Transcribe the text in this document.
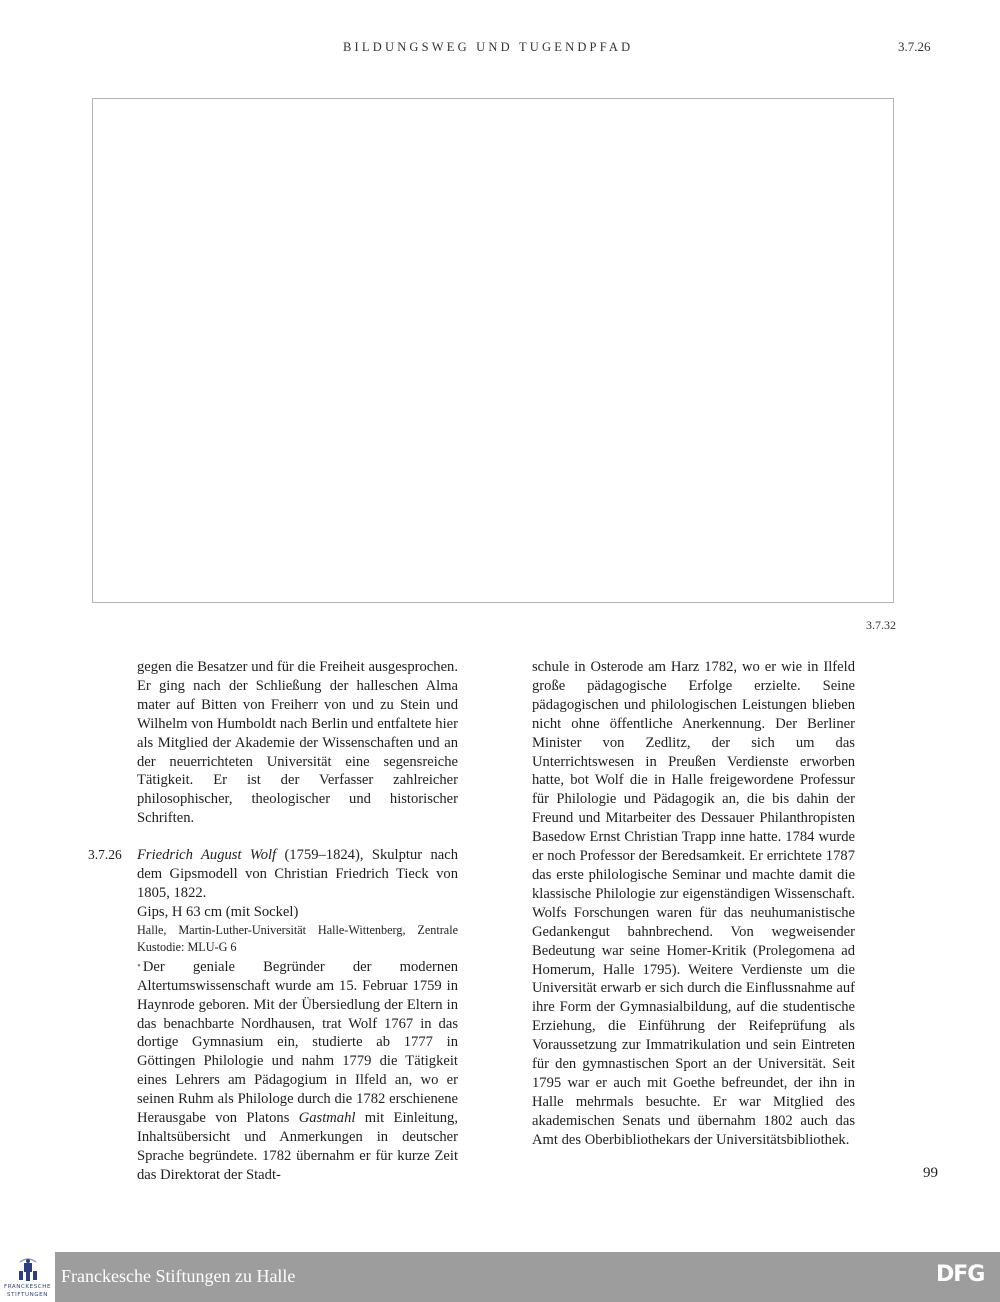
BILDUNGSWEG UND TUGENDPFAD	3.7.26
3.7.32

gegen die Besatzer und für die Freiheit ausgesprochen. Er ging nach der Schließung der halleschen Alma mater auf Bitten von Freiherr von und zu Stein und Wilhelm von Humboldt nach Berlin und entfaltete hier als Mitglied der Akademie der Wissenschaften und an der neuerrichteten Universität eine segensreiche Tätigkeit. Er ist der Verfasser zahlreicher philosophischer, theologischer und historischer Schriften.

3.7.26 Friedrich August Wolf (1759–1824), Skulptur nach dem Gipsmodell von Christian Friedrich Tieck von 1805, 1822.

Gips, H 63 cm (mit Sockel)

Halle, Martin-Luther-Universität Halle-Wittenberg, Zentrale Kustodie: MLU-G 6

• Der geniale Begründer der modernen Altertumswissenschaft wurde am 15. Februar 1759 in Haynrode geboren. Mit der Übersiedlung der Eltern in das benachbarte Nordhausen, trat Wolf 1767 in das dortige Gymnasium ein, studierte ab 1777 in Göttingen Philologie und nahm 1779 die Tätigkeit eines Lehrers am Pädagogium in Ilfeld an, wo er seinen Ruhm als Philologe durch die 1782 erschienene Herausgabe von Platons Gastmahl mit Einleitung, Inhaltsübersicht und Anmerkungen in deutscher Sprache begründete. 1782 übernahm er für kurze Zeit das Direktorat der Stadt-

schule in Osterode am Harz 1782, wo er wie in Ilfeld große pädagogische Erfolge erzielte. Seine pädagogischen und philologischen Leistungen blieben nicht ohne öffentliche Anerkennung. Der Berliner Minister von Zedlitz, der sich um das Unterrichtswesen in Preußen Verdienste erworben hatte, bot Wolf die in Halle freigewordene Professur für Philologie und Pädagogik an, die bis dahin der Freund und Mitarbeiter des Dessauer Philanthropisten Basedow Ernst Christian Trapp inne hatte. 1784 wurde er noch Professor der Beredsamkeit. Er errichtete 1787 das erste philologische Seminar und machte damit die klassische Philologie zur eigenständigen Wissenschaft. Wolfs Forschungen waren für das neuhumanistische Gedankengut bahnbrechend. Von wegweisender Bedeutung war seine Homer-Kritik (Prolegomena ad Homerum, Halle 1795). Weitere Verdienste um die Universität erwarb er sich durch die Einflussnahme auf ihre Form der Gymnasialbildung, auf die studentische Erziehung, die Einführung der Reifeprüfung als Voraussetzung zur Immatrikulation und sein Eintreten für den gymnastischen Sport an der Universität. Seit 1795 war er auch mit Goethe befreundet, der ihn in Halle mehrmals besuchte. Er war Mitglied des akademischen Senats und übernahm 1802 auch das Amt des Oberbibliothekars der Universitätsbibliothek.

99
FRANCKESCHE
STIFTUNGEN
Franckesche Stiftungen zu Halle	DFG
